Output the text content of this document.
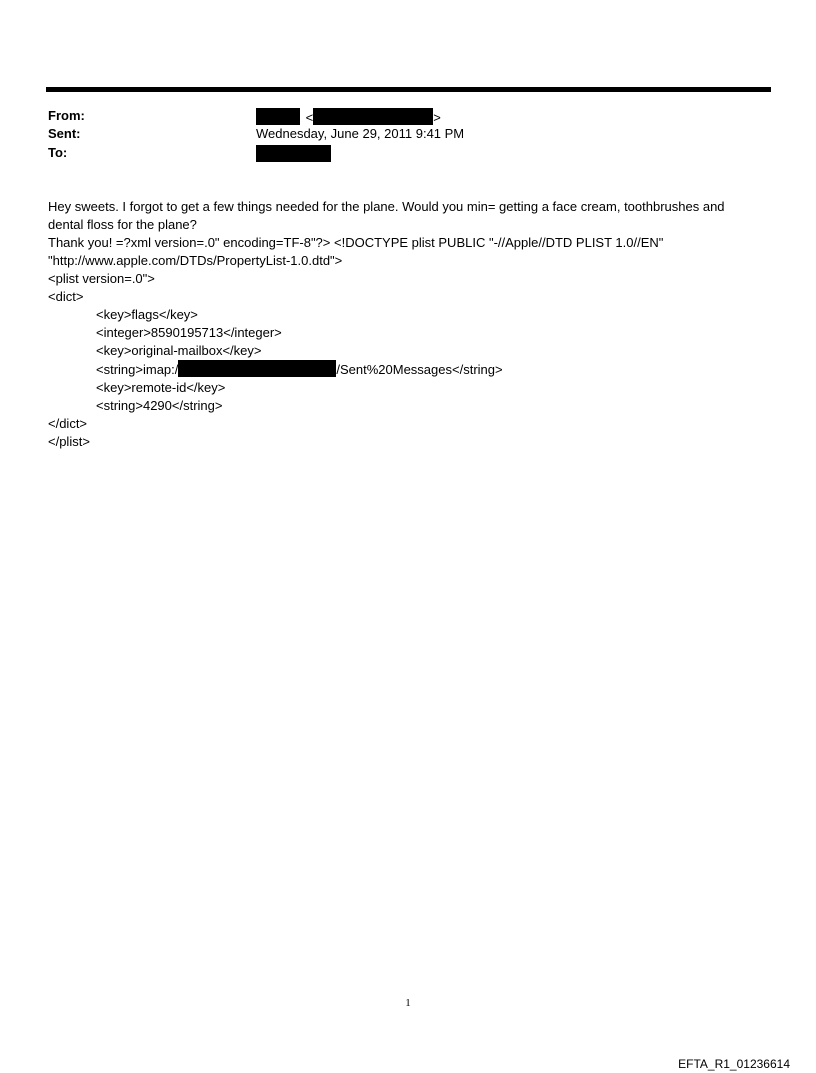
From:
Sent:
To:
<	>
Wednesday, June 29, 2011 9:41 PM
Hey sweets. I forgot to get a few things needed for the plane. Would you min= getting a face cream, toothbrushes and
dental floss for the plane?
Thank you! =?xml version=.0" encoding=TF-8"?> <!DOCTYPE plist PUBLIC "-//Apple//DTD PLIST 1.0//EN"
"http://www.apple.com/DTDs/PropertyList-1.0.dtd">
<plist version=.0">
<dict>
<key>flags</key>
<integer>8590195713</integer>
<key>original-mailbox</key>
<string>imap:/	/Sent%20Messages</string>
<key>remote-id</key>
<string>4290</string>
</dict>
</plist>
1
EFTA_R1_01236614
